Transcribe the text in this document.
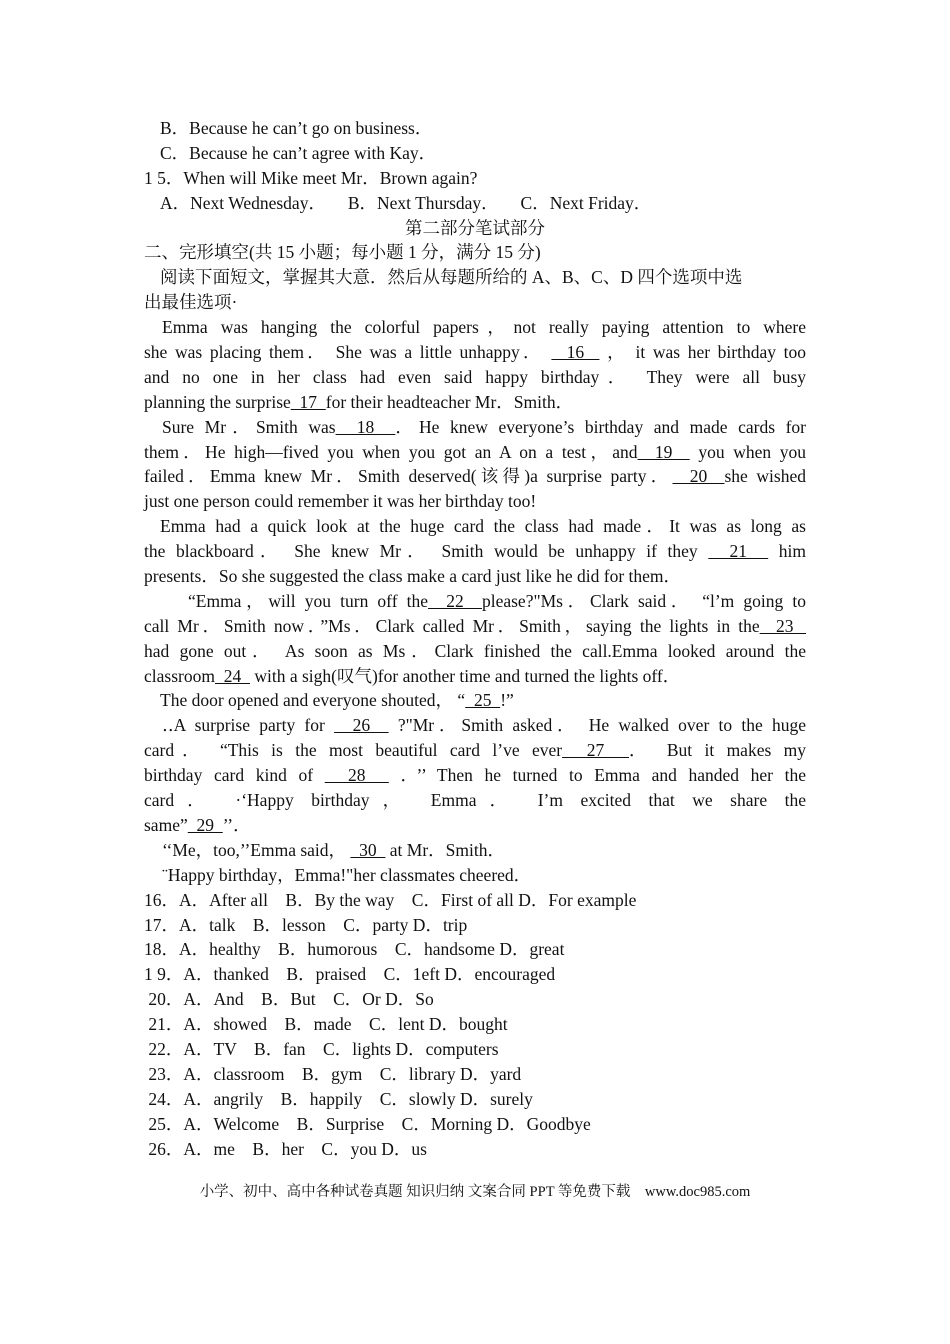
B．Because he can’t go on business．
C．Because he can’t agree with Kay．
1 5．When will Mike meet Mr．Brown again?
A．Next Wednesday． B．Next Thursday． C．Next Friday．
第二部分笔试部分
二、完形填空(共 15 小题；每小题 1 分，满分 15 分)
阅读下面短文，掌握其大意．然后从每题所给的 A、B、C、D 四个选项中选
出最佳选项·
Emma was hanging the colorful papers，not really paying attention to where
she was placing them． She was a little unhappy．   16   ， it was her birthday too
and no one in her class had even said happy birthday． They were all busy
planning the surprise  17  for their headteacher Mr．Smith．
Sure Mr．Smith was  18  ．He knew everyone’s birthday and made cards for
them．He high—fived you when you got an A on a test，and  19   you when you
failed．Emma knew Mr．Smith deserved(该得)a surprise party．  20  she wished
just one person could remember it was her birthday too!
Emma had a quick look at the huge card the class had made．It was as long as
the blackboard． She knew Mr． Smith would be unhappy if they   21   him
presents．So she suggested the class make a card just like he did for them．
“Emma，will you turn off the  22  please?"Ms．Clark said． “l’m going to
call Mr．Smith now．”Ms．Clark called Mr．Smith，saying the lights in the  23
had gone out． As soon as Ms．Clark finished the call.Emma looked around the
classroom  24   with a sigh(叹气)for another time and turned the lights off．
The door opened and everyone shouted， “  25  !”
‥A surprise party for   26   ?"Mr．Smith asked． He walked over to the huge
card． “This is the most beautiful card l’ve ever  27  ． But it makes my
birthday card kind of   28   ．’’ Then he turned to Emma and handed her the
card． ·‘Happy birthday， Emma． I’m excited that we share the
same”  29  ’’．
‘‘Me，too,’’Emma said，   30   at Mr．Smith．
¨Happy birthday，Emma!"her classmates cheered．
16．A．After all　B．By the way　C．First of all D．For example
17．A．talk　B．lesson　C．party D．trip
18．A．healthy　B．humorous　C．handsome D．great
1 9．A．thanked　B．praised　C．1eft D．encouraged
20．A．And　B．But　C．Or D．So
21．A．showed　B．made　C．lent D．bought
22．A．TV　B．fan　C．lights D．computers
23．A．classroom　B．gym　C．library D．yard
24．A．angrily　B．happily　C．slowly D．surely
25．A．Welcome　B．Surprise　C．Morning D．Goodbye
26．A．me　B．her　C．you D．us
小学、初中、高中各种试卷真题 知识归纳 文案合同 PPT 等免费下载　www.doc985.com
